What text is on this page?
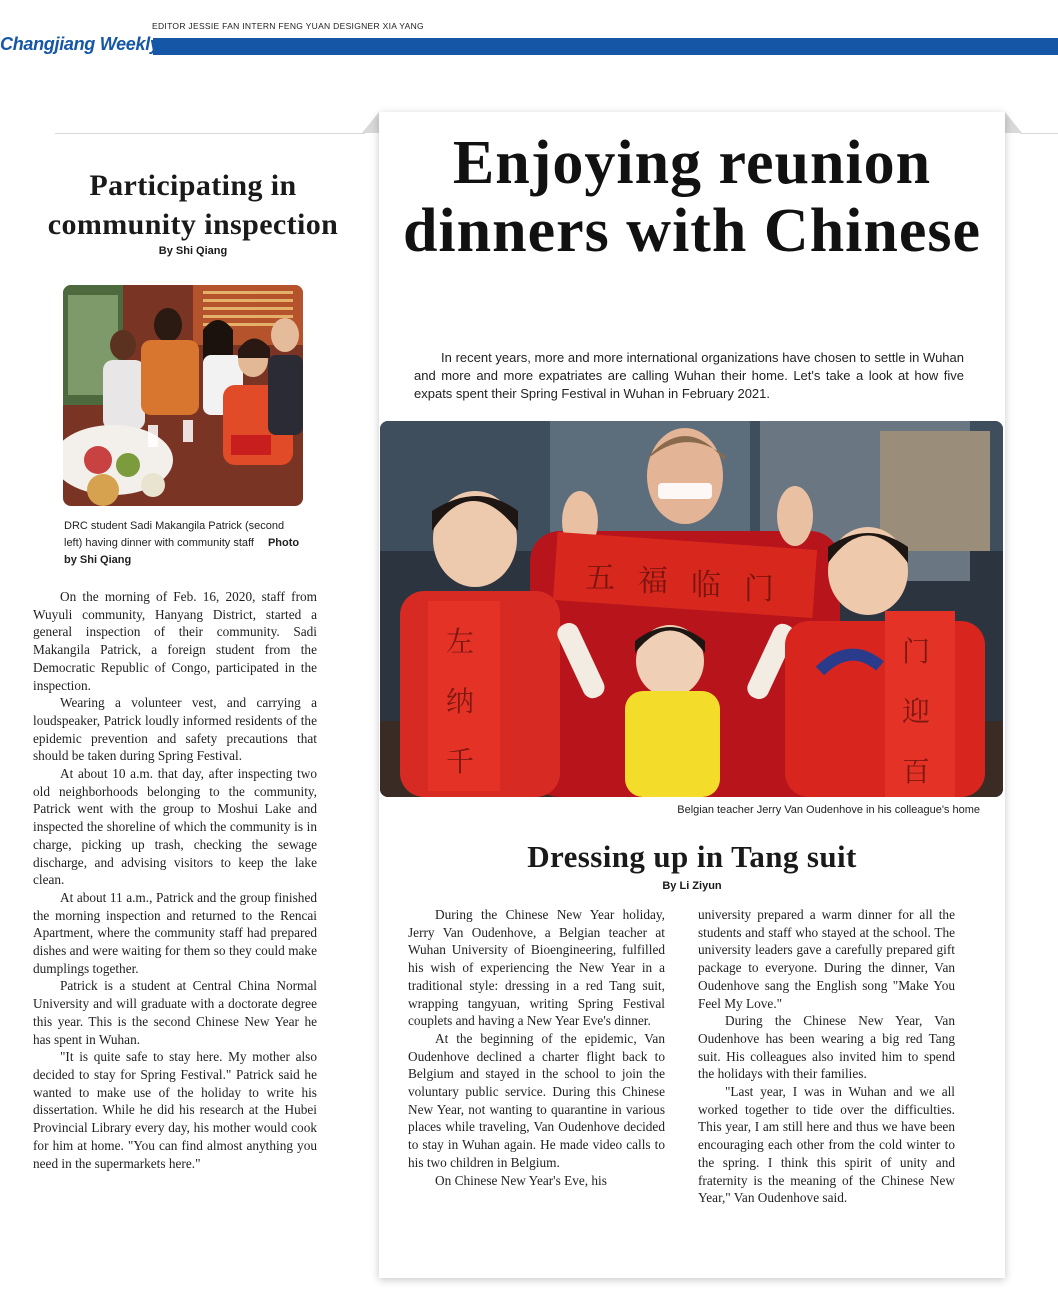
EDITOR JESSIE FAN INTERN FENG YUAN DESIGNER XIA YANG
Changjiang Weekly
Participating in community inspection
By Shi Qiang
DRC student Sadi Makangila Patrick (second left) having dinner with community staff Photo by Shi Qiang

On the morning of Feb. 16, 2020, staff from Wuyuli community, Hanyang District, started a general inspection of their community. Sadi Makangila Patrick, a foreign student from the Democratic Republic of Congo, participated in the inspection.

Wearing a volunteer vest, and carrying a loudspeaker, Patrick loudly informed residents of the epidemic prevention and safety precautions that should be taken during Spring Festival.

At about 10 a.m. that day, after inspecting two old neighborhoods belonging to the community, Patrick went with the group to Moshui Lake and inspected the shoreline of which the community is in charge, picking up trash, checking the sewage discharge, and advising visitors to keep the lake clean.

At about 11 a.m., Patrick and the group finished the morning inspection and returned to the Rencai Apartment, where the community staff had prepared dishes and were waiting for them so they could make dumplings together.

Patrick is a student at Central China Normal University and will graduate with a doctorate degree this year. This is the second Chinese New Year he has spent in Wuhan.

"It is quite safe to stay here. My mother also decided to stay for Spring Festival." Patrick said he wanted to make use of the holiday to write his dissertation. While he did his research at the Hubei Provincial Library every day, his mother would cook for him at home. "You can find almost anything you need in the supermarkets here."

Enjoying reunion dinners with Chinese

In recent years, more and more international organizations have chosen to settle in Wuhan and more and more expatriates are calling Wuhan their home. Let's take a look at how five expats spent their Spring Festival in Wuhan in February 2021.

五 福 临 门
左
纳
千
门
迎
百
Belgian teacher Jerry Van Oudenhove in his colleague's home
Dressing up in Tang suit
By Li Ziyun

During the Chinese New Year holiday, Jerry Van Oudenhove, a Belgian teacher at Wuhan University of Bioengineering, fulfilled his wish of experiencing the New Year in a traditional style: dressing in a red Tang suit, wrapping tangyuan, writing Spring Festival couplets and having a New Year Eve's dinner.

At the beginning of the epidemic, Van Oudenhove declined a charter flight back to Belgium and stayed in the school to join the voluntary public service. During this Chinese New Year, not wanting to quarantine in various places while traveling, Van Oudenhove decided to stay in Wuhan again. He made video calls to his two children in Belgium.

On Chinese New Year's Eve, his

university prepared a warm dinner for all the students and staff who stayed at the school. The university leaders gave a carefully prepared gift package to everyone. During the dinner, Van Oudenhove sang the English song "Make You Feel My Love."

During the Chinese New Year, Van Oudenhove has been wearing a big red Tang suit. His colleagues also invited him to spend the holidays with their families.

"Last year, I was in Wuhan and we all worked together to tide over the difficulties. This year, I am still here and thus we have been encouraging each other from the cold winter to the spring. I think this spirit of unity and fraternity is the meaning of the Chinese New Year," Van Oudenhove said.
